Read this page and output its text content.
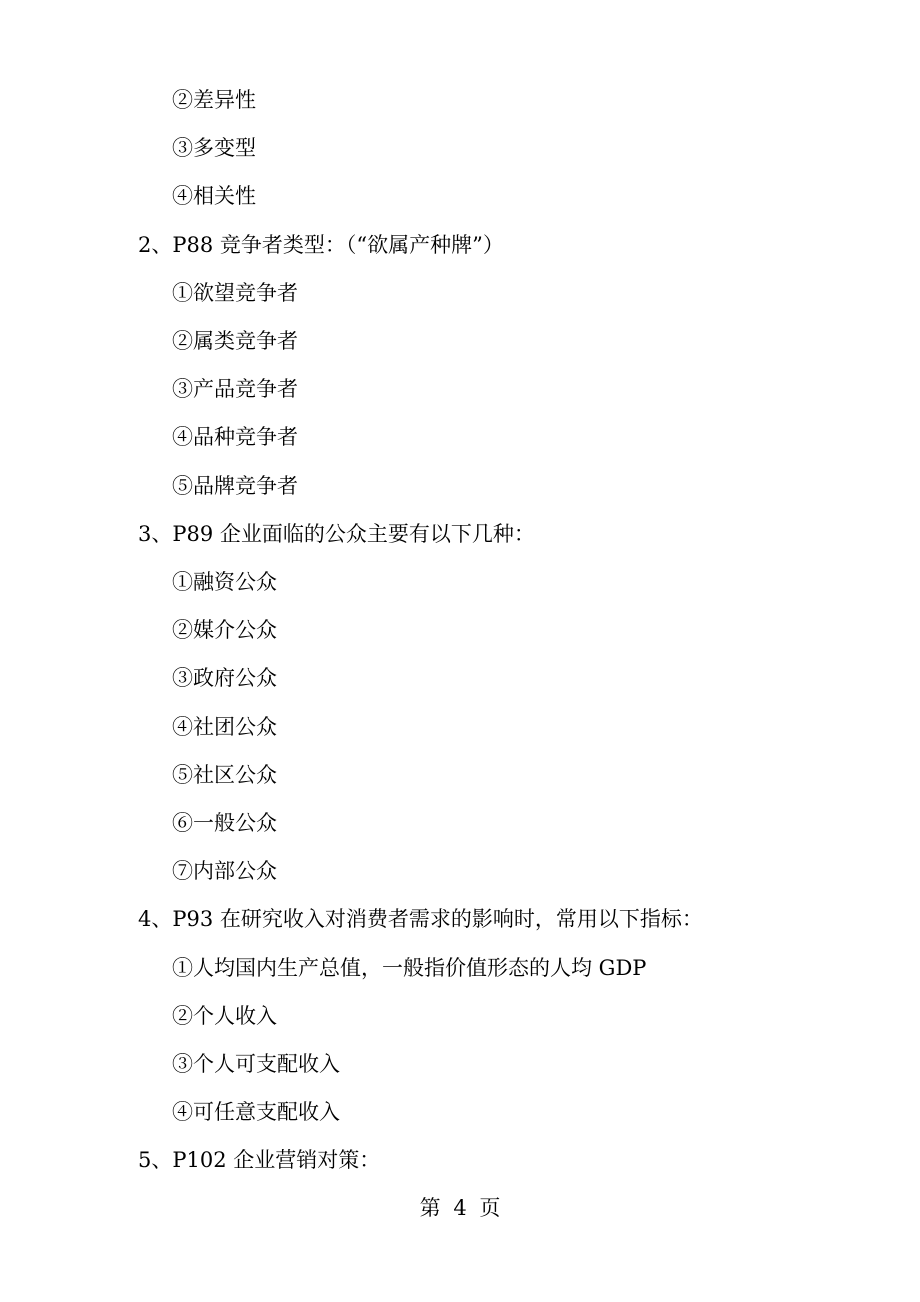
②差异性
③多变型
④相关性
2、P88 竞争者类型：（“欲属产种牌”）
①欲望竞争者
②属类竞争者
③产品竞争者
④品种竞争者
⑤品牌竞争者
3、P89 企业面临的公众主要有以下几种：
①融资公众
②媒介公众
③政府公众
④社团公众
⑤社区公众
⑥一般公众
⑦内部公众
4、P93 在研究收入对消费者需求的影响时，常用以下指标：
①人均国内生产总值，一般指价值形态的人均 GDP
②个人收入
③个人可支配收入
④可任意支配收入
5、P102 企业营销对策：
第 4 页
